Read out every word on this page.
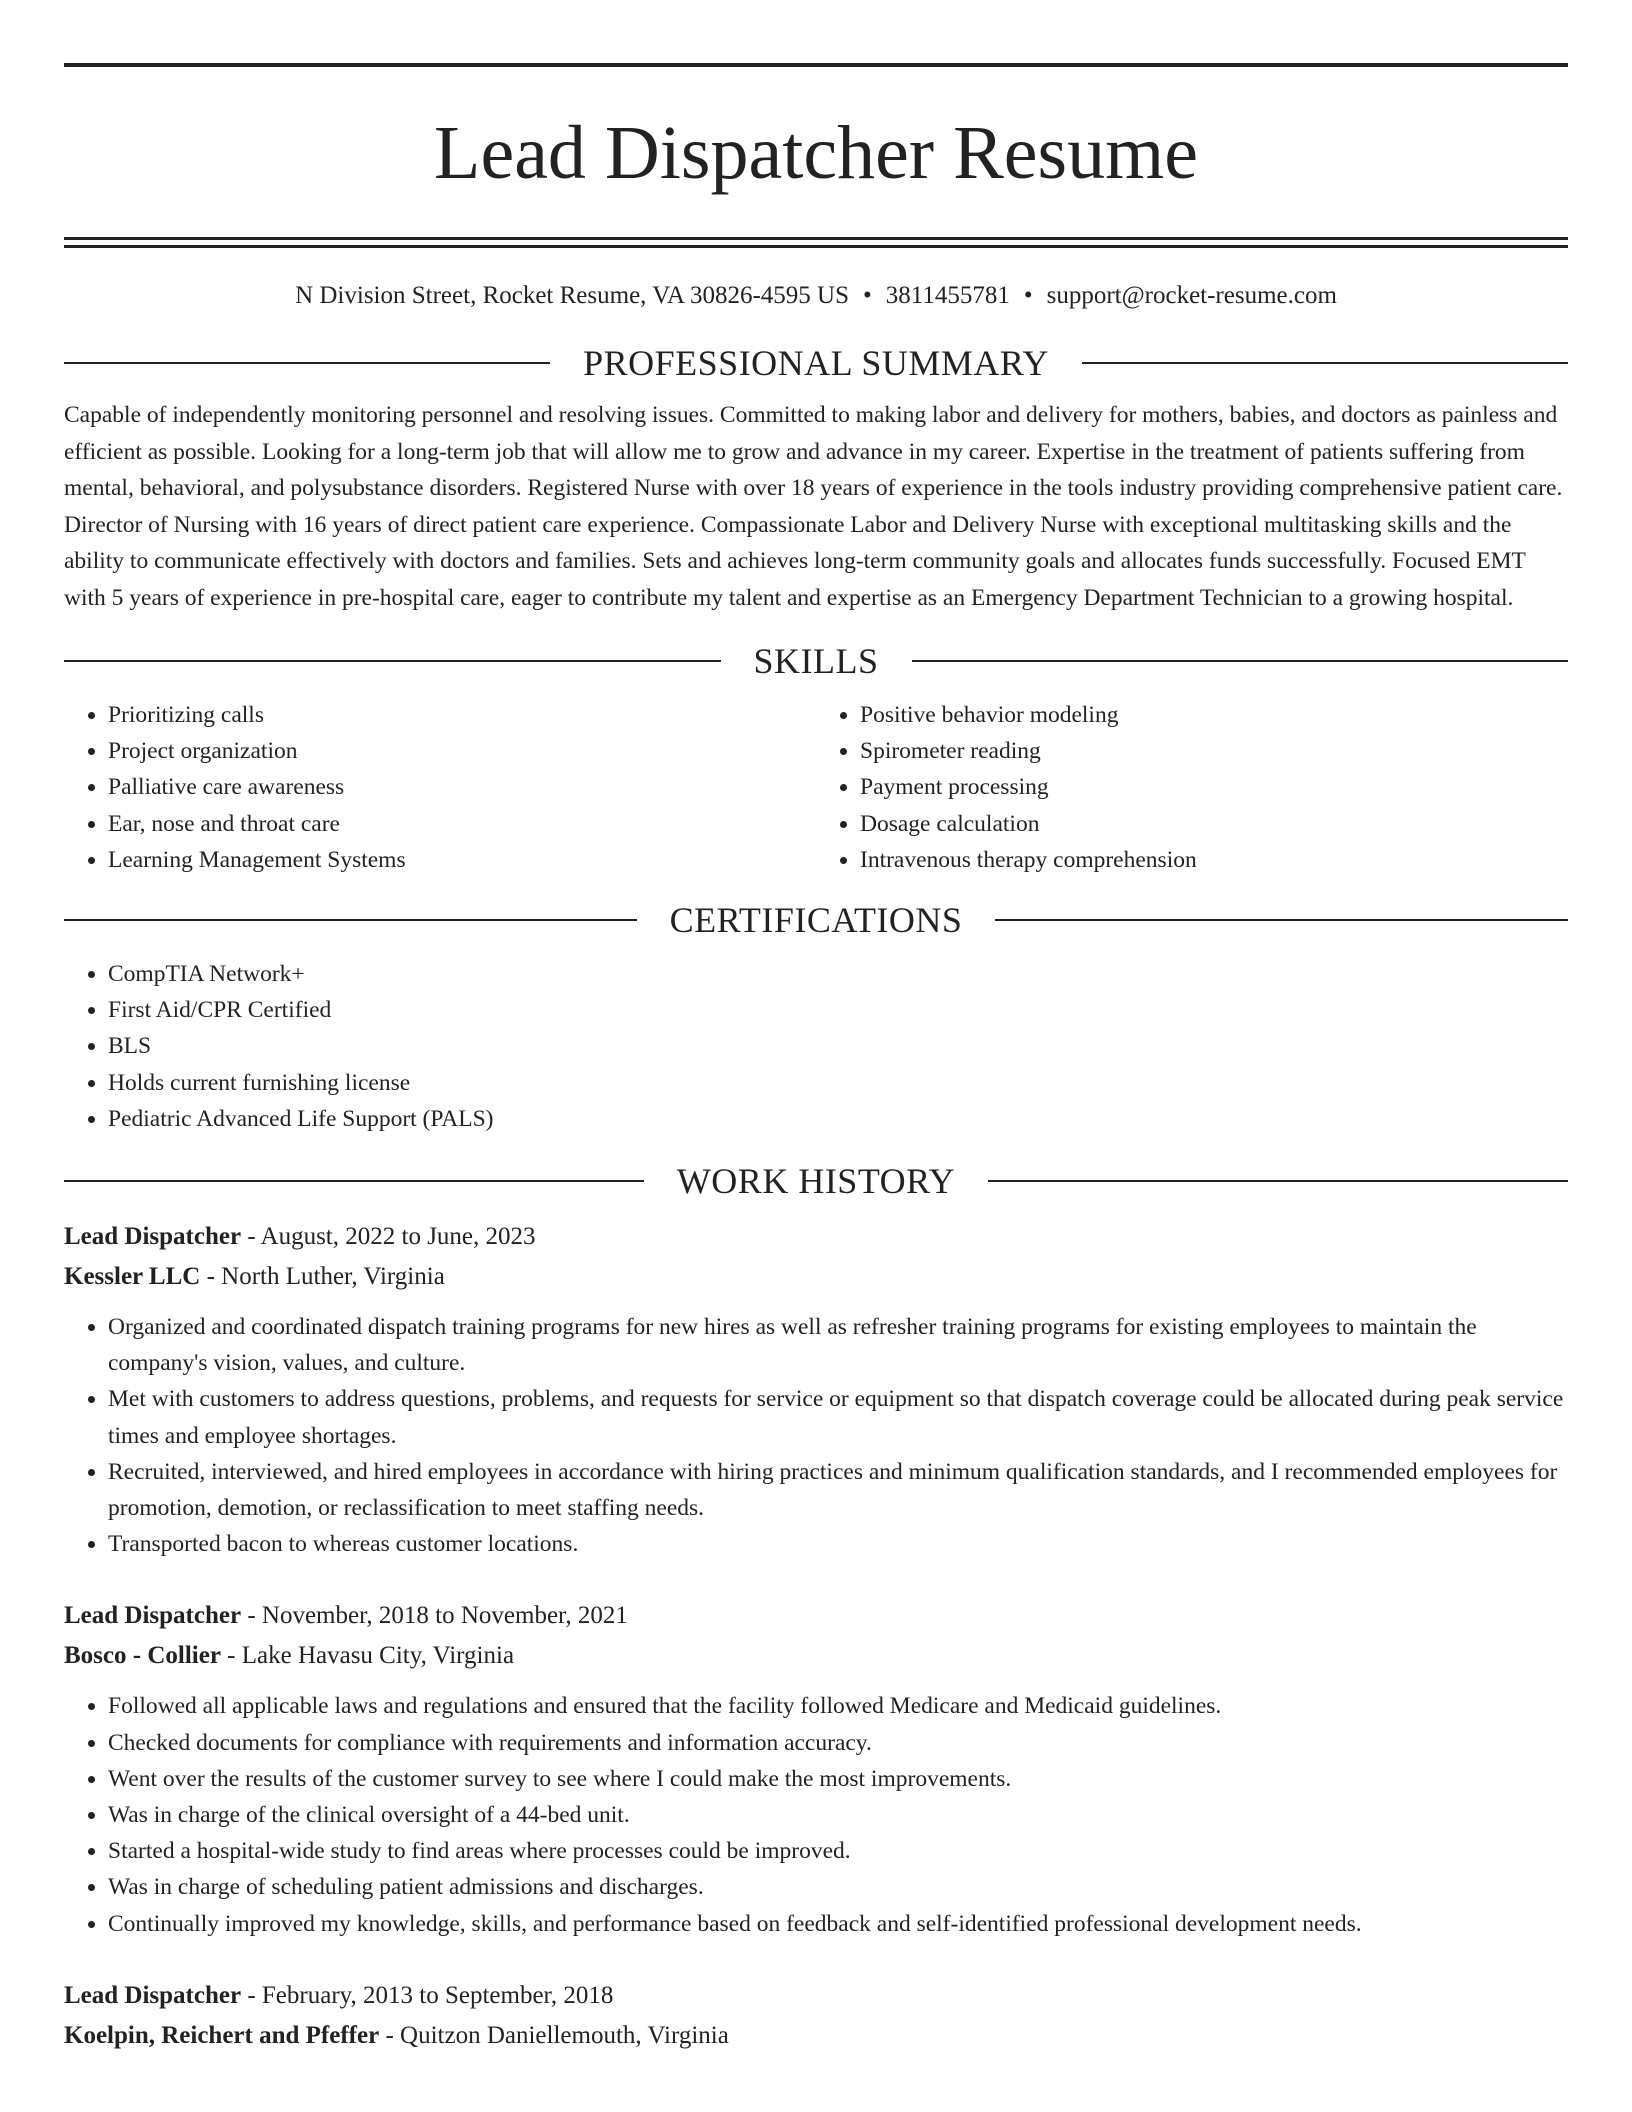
Lead Dispatcher Resume
N Division Street, Rocket Resume, VA 30826-4595 US • 3811455781 • support@rocket-resume.com
PROFESSIONAL SUMMARY
Capable of independently monitoring personnel and resolving issues. Committed to making labor and delivery for mothers, babies, and doctors as painless and efficient as possible. Looking for a long-term job that will allow me to grow and advance in my career. Expertise in the treatment of patients suffering from mental, behavioral, and polysubstance disorders. Registered Nurse with over 18 years of experience in the tools industry providing comprehensive patient care. Director of Nursing with 16 years of direct patient care experience. Compassionate Labor and Delivery Nurse with exceptional multitasking skills and the ability to communicate effectively with doctors and families. Sets and achieves long-term community goals and allocates funds successfully. Focused EMT with 5 years of experience in pre-hospital care, eager to contribute my talent and expertise as an Emergency Department Technician to a growing hospital.
SKILLS
• Prioritizing calls
• Project organization
• Palliative care awareness
• Ear, nose and throat care
• Learning Management Systems
• Positive behavior modeling
• Spirometer reading
• Payment processing
• Dosage calculation
• Intravenous therapy comprehension
CERTIFICATIONS
• CompTIA Network+
• First Aid/CPR Certified
• BLS
• Holds current furnishing license
• Pediatric Advanced Life Support (PALS)
WORK HISTORY
Lead Dispatcher - August, 2022 to June, 2023
Kessler LLC - North Luther, Virginia
• Organized and coordinated dispatch training programs for new hires as well as refresher training programs for existing employees to maintain the company's vision, values, and culture.
• Met with customers to address questions, problems, and requests for service or equipment so that dispatch coverage could be allocated during peak service times and employee shortages.
• Recruited, interviewed, and hired employees in accordance with hiring practices and minimum qualification standards, and I recommended employees for promotion, demotion, or reclassification to meet staffing needs.
• Transported bacon to whereas customer locations.
Lead Dispatcher - November, 2018 to November, 2021
Bosco - Collier - Lake Havasu City, Virginia
• Followed all applicable laws and regulations and ensured that the facility followed Medicare and Medicaid guidelines.
• Checked documents for compliance with requirements and information accuracy.
• Went over the results of the customer survey to see where I could make the most improvements.
• Was in charge of the clinical oversight of a 44-bed unit.
• Started a hospital-wide study to find areas where processes could be improved.
• Was in charge of scheduling patient admissions and discharges.
• Continually improved my knowledge, skills, and performance based on feedback and self-identified professional development needs.
Lead Dispatcher - February, 2013 to September, 2018
Koelpin, Reichert and Pfeffer - Quitzon Daniellemouth, Virginia
